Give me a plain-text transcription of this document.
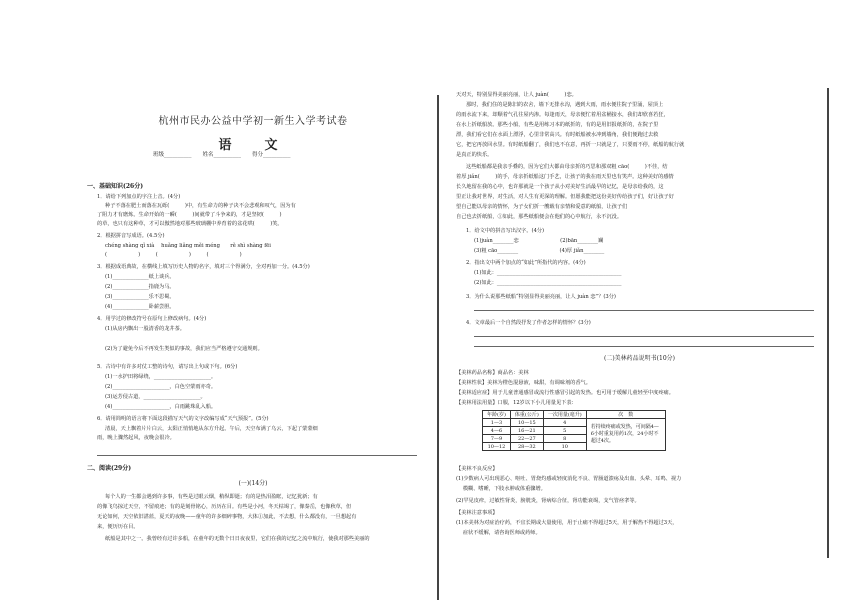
杭州市民办公益中学初一新生入学考试卷
语　文
班级__________　　姓名__________　　得分__________
一、基础知识(26分)
1．请给下列加点的字注上音。(4分)
种子不落在肥土而落在瓦砾(　　　)中，有生命力的种子决不会悲观和叹气，因为有
了阻力才有磨炼。生命开始的一瞬(　　　)间就带了斗争来的，才是坚韧(　　　)
的草，也只有这种草，才可以傲然地对那些玻璃棚中养育着的盆花哄(　　　)笑。
2．根据拼音写成语。(4.5分)
chéng shàng qǐ xià　 huǎng liǎng měi méng　　rě shì shàng fēi
(　　　　　　)　　　(　　　　　　)　　　(　　　　　　)
3．根据成语典故，在横线上填写历史人物的名字，填对三个得满分，全对再加一分。(4.5分)
(1)______________纸上谈兵。
(2)______________指鹿为马。
(3)______________乐不思蜀。
(4)______________卧薪尝胆。
4．用学过的修改符号在原句上修改病句。(4分)
(1)从房内飘出一股清香的龙井茶。
(2)为了避免今后不再发生类似的事故，我们应当严格遵守交通规则。
5．古诗中有许多对仗工整的诗句，请写出上句或下句。(6分)
(1)一水护田将绿绕，______________________。
(2)______________________，白色空蒙雨亦奇。
(3)运芳侵古道，______________________。
(4)______________________，白雨跳珠乱入船。
6．请用简明的语言将下面这段描写天气的文字改编写成“天气预报”。(5分)
清晨，天上飘着片片白云，太阳正悄悄地从东方升起。午后，天空布满了乌云，下起了蒙蒙细
雨，晚上骤然起风，夜晚会很冷。
二、阅读(29分)
(一)(14分)
每个人的一生都会遇到许多事，有些是过眼云烟，稍纵即逝；有的是热泪盈眶，记忆犹新；有
的像飞鸟掠过天空，不留痕迹；有的是刻骨铭心，历历在目。有些是小河，冬天枯竭了，像秦岳，也像秋草，但
无论如何，天空依旧湛蓝，夏天的夜晚——童年的许多细碎事物，大体①加此，不去想，什么都没有，一旦想起有
来，便历历在目。
纸船是其中之一。我曾经有过许多船，在童年的无数个日日夜夜里，它们在我的记忆之流中航行，使我对那些美丽的
天对天，特别显得美丽亮丽，让人 juàn(　　　)恋。
那时，我们住的是陈旧的农舍，墙下无排水沟，遇到大雨，雨水便往院子里涌，屋顶上
的雨水流下来，却顺着气孔往屋内渗。每逢雨天，母亲便忙着用盆桶接水，我们却欣喜若狂，
在水上折纸船放。那些小船，有些是用练习本的纸折的，有的是用旧报纸折的，在院子里
漂，我们看它们在水面上漂浮，心里非常高兴。有时纸船被水冲到墙角，我们便跑过去救
它，把它再放回水里。有时纸船翻了，我们也不在意，再折一只就是了，只要雨不停，纸船的航行就
是真正的快乐。
这些纸船都是我亲手叠的，因为它们大都由母亲折的巧思和那双粗 cāo(　　　)不佳，结
着厚 jiǎn(　　　)的手，母亲折纸船这门手艺，让孩子的我在雨天里也有笑声。这种美好的感情
长久地留在我的心中，也许那就是一个孩子从小对美好生活最早的记忆，是母亲给我的，这
里正让我对世界，对生活，对人生有更深的理解。但愿我能把这份美好传给孩子们，好让孩子好
望自己能以母亲的情怀，为子女们折一艘载有亲情和爱意的纸船，让孩子们
自己也去折纸船，①如此，那些纸船便会在他们的心中航行，永不沉没。
1．给文中的拼音写出汉字。(4分)
(1)juàn________恋　　　　　　　　(2)bān________斓
(3)粗 cāo________　　　　　　　　(4)厚 jiǎn________
2．指出文中两个加点的“如此”所指代的内容。(4分)
(1)如此：________________________________________________
(2)如此：________________________________________________
3．为什么说那些纸船“特别显得美丽亮丽，让人 juàn 恋”？(3分)
4．文章最后一个自然段抒发了作者怎样的情怀？(3分)
(二)美林药品说明书(10分)
【美林药品名称】商品名：美林
【美林性状】美林为橙色混悬液，味甜，有调味剂的香气。
【美林适应症】用于儿童普通感冒或流行性感冒引起的发热。也可用于缓解儿童轻至中度疼痛。
【美林用法用量】口服，12岁以下小儿用量见下表：
年龄(岁)	体重(公斤)	一次用量(毫升)	次　数
1—3	10—15	4	若持续疼痛或发热，可间隔4—6小时重复用药1次，24小时不超过4次。
4—6	16—21	5	
7—9	22—27	8	
10—12	28—32	10	
【美林不良反应】
(1)少数病人可出现恶心、呕吐、胃烧灼感或轻度消化不良、胃肠道溃疡及出血、头晕、耳鸣、视力
　 模糊、嗜睡，下肢水肿或体重骤增。
(2)罕见皮疹，过敏性肾炎，膀胱炎，肾病综合征，肾功能衰竭，支气管痉挛等。
【美林注意事项】
(1)本美林为对症治疗药，不宜长期或大量使用，用于止痛不得超过5天，用于解热不得超过3天，
　 症状不缓解，请咨询医师或药师。
